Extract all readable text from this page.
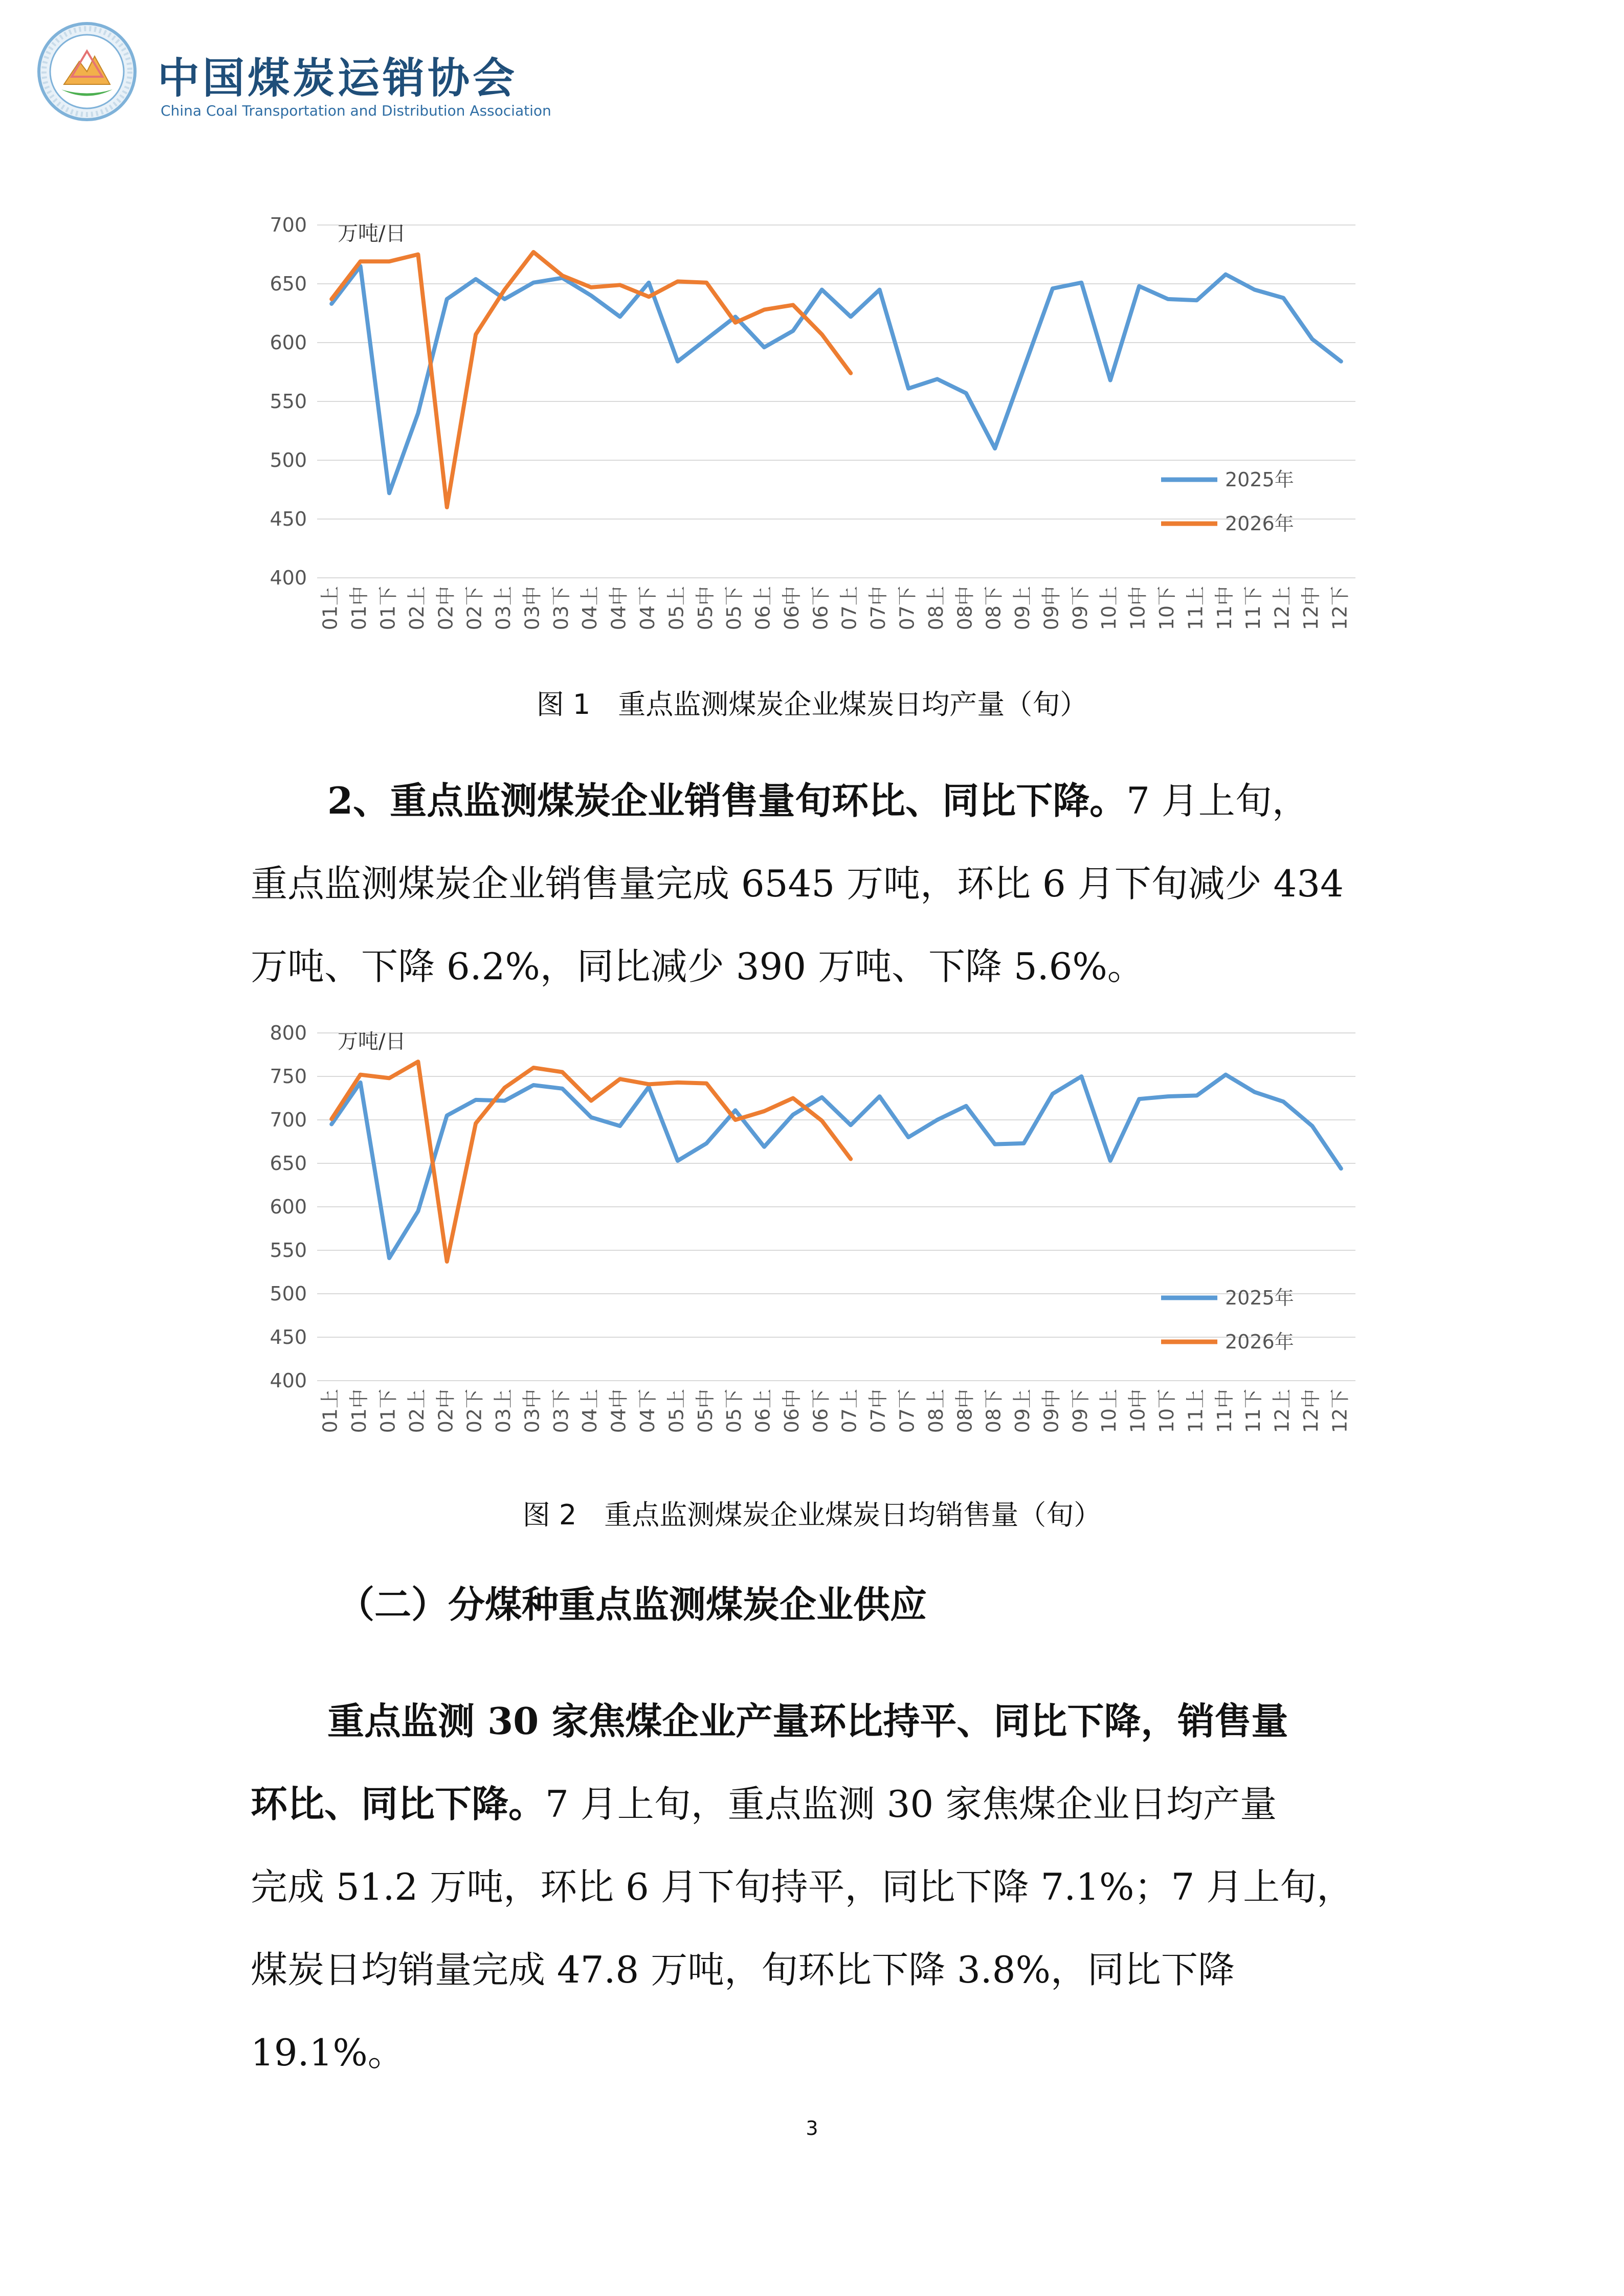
中国煤炭运销协会
China Coal Transportation and Distribution Association
400
450
500
550
600
650
700 万吨/日
01上 01中 01下 02上 02中 02下 03上 03中 03下 04上 04中 04下 05上 05中 05下 06上 06中 06下 07上 07中 07下 08上 08中 08下 09上 09中 09下 10上 10中 10下 11上 11中 11下 12上 12中 12下
2025年
2026年
图 1　重点监测煤炭企业煤炭日均产量（旬）
2、重点监测煤炭企业销售量旬环比、同比下降。7 月上旬，
重点监测煤炭企业销售量完成 6545 万吨，环比 6 月下旬减少 434
万吨、下降 6.2%，同比减少 390 万吨、下降 5.6%。
400
450
500
550
600
650
700
750
800 万吨/日
01上 01中 01下 02上 02中 02下 03上 03中 03下 04上 04中 04下 05上 05中 05下 06上 06中 06下 07上 07中 07下 08上 08中 08下 09上 09中 09下 10上 10中 10下 11上 11中 11下 12上 12中 12下
2025年
2026年
图 2　重点监测煤炭企业煤炭日均销售量（旬）
（二）分煤种重点监测煤炭企业供应
重点监测 30 家焦煤企业产量环比持平、同比下降，销售量
环比、同比下降。7 月上旬，重点监测 30 家焦煤企业日均产量
完成 51.2 万吨，环比 6 月下旬持平，同比下降 7.1%；7 月上旬，
煤炭日均销量完成 47.8 万吨，旬环比下降 3.8%，同比下降 19.1%。
3
